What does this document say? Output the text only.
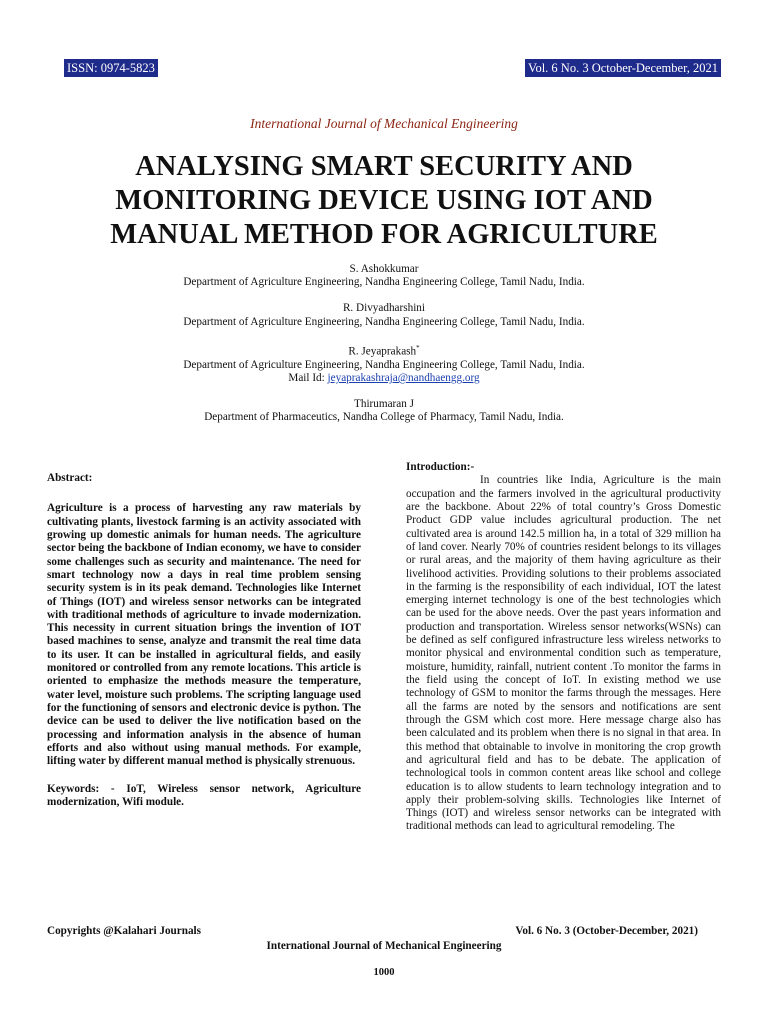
ISSN: 0974-5823	Vol. 6 No. 3 October-December, 2021
International Journal of Mechanical Engineering
ANALYSING SMART SECURITY AND
MONITORING DEVICE USING IOT AND
MANUAL METHOD FOR AGRICULTURE
S. Ashokkumar
Department of Agriculture Engineering, Nandha Engineering College, Tamil Nadu, India.
R. Divyadharshini
Department of Agriculture Engineering, Nandha Engineering College, Tamil Nadu, India.
R. Jeyaprakash*
Department of Agriculture Engineering, Nandha Engineering College, Tamil Nadu, India.
Mail Id: jeyaprakashraja@nandhaengg.org
Thirumaran J
Department of Pharmaceutics, Nandha College of Pharmacy, Tamil Nadu, India.
Abstract:

Agriculture is a process of harvesting any raw materials by cultivating plants, livestock farming is an activity associated with growing up domestic animals for human needs. The agriculture sector being the backbone of Indian economy, we have to consider some challenges such as security and maintenance. The need for smart technology now a days in real time problem sensing security system is in its peak demand. Technologies like Internet of Things (IOT) and wireless sensor networks can be integrated with traditional methods of agriculture to invade modernization. This necessity in current situation brings the invention of IOT based machines to sense, analyze and transmit the real time data to its user. It can be installed in agricultural fields, and easily monitored or controlled from any remote locations. This article is oriented to emphasize the methods measure the temperature, water level, moisture such problems. The scripting language used for the functioning of sensors and electronic device is python. The device can be used to deliver the live notification based on the processing and information analysis in the absence of human efforts and also without using manual methods. For example, lifting water by different manual method is physically strenuous.

Keywords: - IoT, Wireless sensor network, Agriculture modernization, Wifi module.

Introduction:-

In countries like India, Agriculture is the main occupation and the farmers involved in the agricultural productivity are the backbone. About 22% of total country’s Gross Domestic Product GDP value includes agricultural production. The net cultivated area is around 142.5 million ha, in a total of 329 million ha of land cover. Nearly 70% of countries resident belongs to its villages or rural areas, and the majority of them having agriculture as their livelihood activities. Providing solutions to their problems associated in the farming is the responsibility of each individual, IOT the latest emerging internet technology is one of the best technologies which can be used for the above needs. Over the past years information and production and transportation. Wireless sensor networks(WSNs) can be defined as self configured infrastructure less wireless networks to monitor physical and environmental condition such as temperature, moisture, humidity, rainfall, nutrient content .To monitor the farms in the field using the concept of IoT. In existing method we use technology of GSM to monitor the farms through the messages. Here all the farms are noted by the sensors and notifications are sent through the GSM which cost more. Here message charge also has been calculated and its problem when there is no signal in that area. In this method that obtainable to involve in monitoring the crop growth and agricultural field and has to be debate. The application of technological tools in common content areas like school and college education is to allow students to learn technology integration and to apply their problem-solving skills. Technologies like Internet of Things (IOT) and wireless sensor networks can be integrated with traditional methods can lead to agricultural remodeling. The

Copyrights @Kalahari Journals	Vol. 6 No. 3 (October-December, 2021)
International Journal of Mechanical Engineering
1000
